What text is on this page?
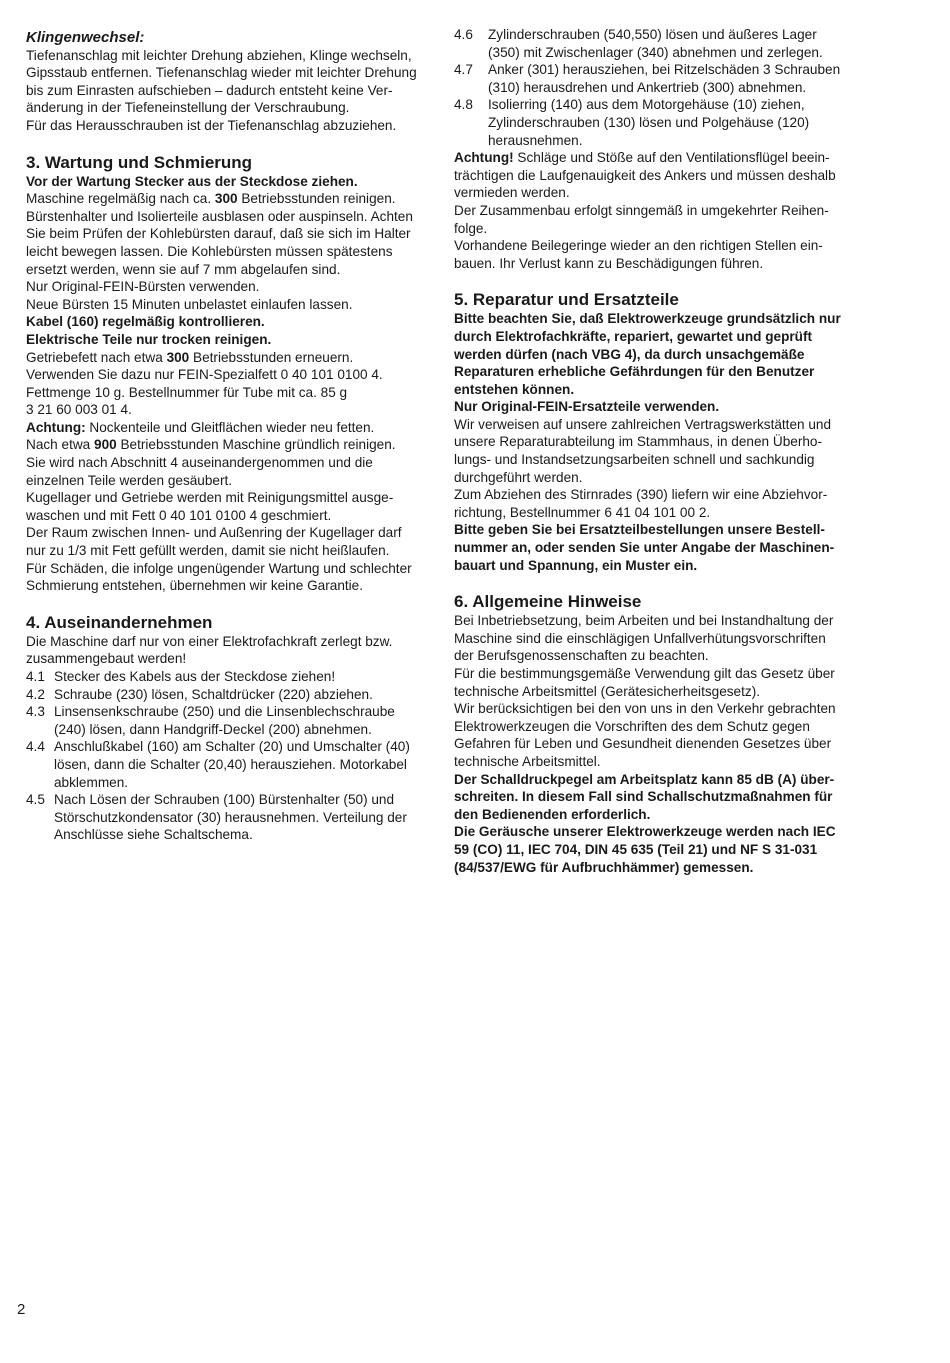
Klingenwechsel:

Tiefenanschlag mit leichter Drehung abziehen, Klinge wechseln,

Gipsstaub entfernen. Tiefenanschlag wieder mit leichter Drehung

bis zum Einrasten aufschieben – dadurch entsteht keine Ver-

änderung in der Tiefeneinstellung der Verschraubung.

Für das Herausschrauben ist der Tiefenanschlag abzuziehen.

3. Wartung und Schmierung

Vor der Wartung Stecker aus der Steckdose ziehen.

Maschine regelmäßig nach ca. 300 Betriebsstunden reinigen.

Bürstenhalter und Isolierteile ausblasen oder auspinseln. Achten

Sie beim Prüfen der Kohlebürsten darauf, daß sie sich im Halter

leicht bewegen lassen. Die Kohlebürsten müssen spätestens

ersetzt werden, wenn sie auf 7 mm abgelaufen sind.

Nur Original-FEIN-Bürsten verwenden.

Neue Bürsten 15 Minuten unbelastet einlaufen lassen.

Kabel (160) regelmäßig kontrollieren.

Elektrische Teile nur trocken reinigen.

Getriebefett nach etwa 300 Betriebsstunden erneuern.

Verwenden Sie dazu nur FEIN-Spezialfett 0 40 101 0100 4.

Fettmenge 10 g. Bestellnummer für Tube mit ca. 85 g

3 21 60 003 01 4.

Achtung: Nockenteile und Gleitflächen wieder neu fetten.

Nach etwa 900 Betriebsstunden Maschine gründlich reinigen.

Sie wird nach Abschnitt 4 auseinandergenommen und die

einzelnen Teile werden gesäubert.

Kugellager und Getriebe werden mit Reinigungsmittel ausge-

waschen und mit Fett 0 40 101 0100 4 geschmiert.

Der Raum zwischen Innen- und Außenring der Kugellager darf

nur zu 1/3 mit Fett gefüllt werden, damit sie nicht heißlaufen.

Für Schäden, die infolge ungenügender Wartung und schlechter

Schmierung entstehen, übernehmen wir keine Garantie.

4. Auseinandernehmen

Die Maschine darf nur von einer Elektrofachkraft zerlegt bzw.

zusammengebaut werden!

4.1 Stecker des Kabels aus der Steckdose ziehen!

4.2 Schraube (230) lösen, Schaltdrücker (220) abziehen.

4.3 Linsensenkschraube (250) und die Linsenblechschraube

(240) lösen, dann Handgriff-Deckel (200) abnehmen.

4.4 Anschlußkabel (160) am Schalter (20) und Umschalter (40)

lösen, dann die Schalter (20,40) herausziehen. Motorkabel

abklemmen.

4.5 Nach Lösen der Schrauben (100) Bürstenhalter (50) und

Störschutzkondensator (30) herausnehmen. Verteilung der

Anschlüsse siehe Schaltschema.

4.6	Zylinderschrauben (540,550) lösen und äußeres Lager

(350) mit Zwischenlager (340) abnehmen und zerlegen.

4.7	Anker (301) herausziehen, bei Ritzelschäden 3 Schrauben

(310) herausdrehen und Ankertrieb (300) abnehmen.

4.8	Isolierring (140) aus dem Motorgehäuse (10) ziehen,

Zylinderschrauben (130) lösen und Polgehäuse (120)

herausnehmen.

Achtung! Schläge und Stöße auf den Ventilationsflügel beein-

trächtigen die Laufgenauigkeit des Ankers und müssen deshalb

vermieden werden.

Der Zusammenbau erfolgt sinngemäß in umgekehrter Reihen-

folge.

Vorhandene Beilegeringe wieder an den richtigen Stellen ein-

bauen. Ihr Verlust kann zu Beschädigungen führen.

5. Reparatur und Ersatzteile

Bitte beachten Sie, daß Elektrowerkzeuge grundsätzlich nur

durch Elektrofachkräfte, repariert, gewartet und geprüft

werden dürfen (nach VBG 4), da durch unsachgemäße

Reparaturen erhebliche Gefährdungen für den Benutzer

entstehen können.

Nur Original-FEIN-Ersatzteile verwenden.

Wir verweisen auf unsere zahlreichen Vertragswerkstätten und

unsere Reparaturabteilung im Stammhaus, in denen Überho-

lungs- und Instandsetzungsarbeiten schnell und sachkundig

durchgeführt werden.

Zum Abziehen des Stirnrades (390) liefern wir eine Abziehvor-

richtung, Bestellnummer 6 41 04 101 00 2.

Bitte geben Sie bei Ersatzteilbestellungen unsere Bestell-

nummer an, oder senden Sie unter Angabe der Maschinen-

bauart und Spannung, ein Muster ein.

6. Allgemeine Hinweise

Bei Inbetriebsetzung, beim Arbeiten und bei Instandhaltung der

Maschine sind die einschlägigen Unfallverhütungsvorschriften

der Berufsgenossenschaften zu beachten.

Für die bestimmungsgemäße Verwendung gilt das Gesetz über

technische Arbeitsmittel (Gerätesicherheitsgesetz).

Wir berücksichtigen bei den von uns in den Verkehr gebrachten

Elektrowerkzeugen die Vorschriften des dem Schutz gegen

Gefahren für Leben und Gesundheit dienenden Gesetzes über

technische Arbeitsmittel.

Der Schalldruckpegel am Arbeitsplatz kann 85 dB (A) über-

schreiten. In diesem Fall sind Schallschutzmaßnahmen für

den Bedienenden erforderlich.

Die Geräusche unserer Elektrowerkzeuge werden nach IEC

59 (CO) 11, IEC 704, DIN 45 635 (Teil 21) und NF S 31-031

(84/537/EWG für Aufbruchhämmer) gemessen.

2
